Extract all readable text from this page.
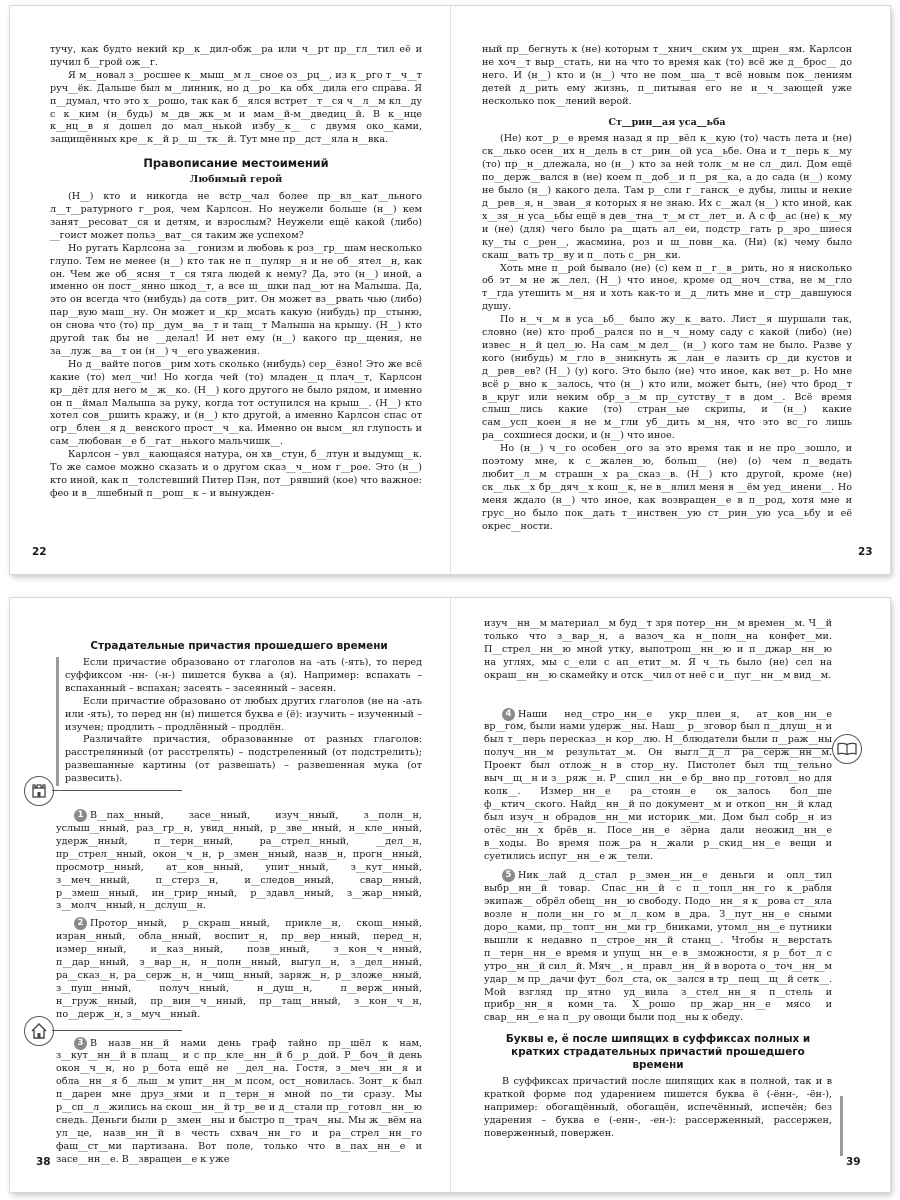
тучу, как будто некий кр__к__дил-обж__ра или ч__рт пр__гл__тил её и пучил б__грой ож__г.

Я м__новал з__росшее к__мыш__м л__сное оз__рц__, из к__рго т__ч__т руч__ёк. Дальше был м__линник, но д__ро__ка обх__дила его справа. Я п__думал, что это х__рошо, так как б__ялся встрет__т__ся ч__л__м кл__ду с к__ким (н__будь) м__дв__жк__м и мам__й-м__дведиц__й. В к__нце к__нц__в я дошел до мал__нькой избу__к__ с двумя око__ками, защищённых кре__к__й р__ш__тк__й. Тут мне пр__дст__яла н__вка.

Правописание местоимений
Любимый герой

(Н__) кто и никогда не встр__чал более пр__вл__кат__льного л__т__ратурного г__роя, чем Карлсон. Но неужели больше (н__) кем занят__ресоват__ся и детям, и взрослым? Неужели ещё какой (либо) __гоист может польз__ват__ся таким же успехом?

Но ругать Карлсона за __гонизм и любовь к роз__гр__шам несколько глупо. Тем не менее (н__) кто так не п__пуляр__н и не об__ятел__н, как он. Чем же об__ясня__т__ся тяга людей к нему? Да, это (н__) иной, а именно он пост__янно шкод__т, а все ш__шки пад__ют на Малыша. Да, это он всегда что (нибудь) да сотв__рит. Он может вз__рвать чью (либо) пар__вую маш__ну. Он может и__кр__мсать какую (нибудь) пр__стыню, он снова что (то) пр__дум__ва__т и тащ__т Малыша на крышу. (Н__) кто другой так бы не __делал! И нет ему (н__) какого пр__щения, не за__луж__ва__т он (н__) ч__его уважения.

Но д__вайте погов__рим хоть сколько (нибудь) сер__ёзно! Это же всё какие (то) мел__чи! Но когда чей (то) младен__ц плач__т, Карлсон кр__дёт для него м__ж__ко. (Н__) кого другого не было рядом, и именно он п__ймал Малыша за руку, когда тот оступился на крыш__. (Н__) кто хотел сов__ршить кражу, и (н__) кто другой, а именно Карлсон спас от огр__блен__я д__венского прост__ч__ка. Именно он высм__ял глупость и сам__любован__е б__гат__нького мальчишк__.

Карлсон – увл__кающаяся натура, он хв__стун, б__лтун и выдумщ__к. То же самое можно сказать и о другом сказ__ч__ном г__рое. Это (н__) кто иной, как п__толстевший Питер Пэн, пот__рявший (кое) что важное: фео и в__лшебный п__рош__к – и вынужден-

22

ный пр__бегнуть к (не) которым т__хнич__ским ух__щрен__ям. Карлсон не хоч__т выр__стать, ни на что то время как (то) всё же д__брос__ до него. И (н__) кто и (н__) что не пом__ша__т всё новым пок__лениям детей д__рить ему жизнь, п__питывая его не и__ч__зающей уже несколько пок__лений верой.

Ст__рин__ая уса__ьба

(Не) кот__р__е время назад я пр__вёл к__кую (то) часть лета и (не) ск__лько осен__их н__дель в ст__рин__ой уса__ьбе. Она и т__перь к__му (то) пр__н__длежала, но (н__) кто за ней толк__м не сл__дил. Дом ещё по__держ__вался в (не) коем п__доб__и п__ря__ка, а до сада (н__) кому не было (н__) какого дела. Там р__сли г__ганск__е дубы, липы и некие д__рев__я, н__зван__я которых я не знаю. Их с__жал (н__) кто иной, как х__зя__н уса__ьбы ещё в дев__тна__т__м ст__лет__и. А с ф__ас (не) к__му и (не) (для) чего было ра__щать ал__еи, подстр__гать р__зро__шиеся ку__ты с__рен__, жасмина, роз и ш__повн__ка. (Ни) (к) чему было скаш__вать тр__ву и п__лоть с__рн__ки.

Хоть мне п__рой бывало (не) (с) кем п__г__в__рить, но я нисколько об эт__м не ж__лел. (Н__) что иное, кроме од__ноч__ства, не м__гло т__гда утешить м__ня и хоть как-то и__д__лить мне и__стр__давшуюся душу.

По н__ч__м в уса__ьб__ было жу__к__вато. Лист__я шуршали так, словно (не) кто проб__рался по н__ч__ному саду с какой (либо) (не) извес__н__й цел__ю. На сам__м дел__ (н__) кого там не было. Разве у кого (нибудь) м__гло в__зникнуть ж__лан__е лазить ср__ди кустов и д__рев__ев? (Н__) (у) кого. Это было (не) что иное, как вет__р. Но мне всё р__вно к__залось, что (н__) кто или, может быть, (не) что брод__т в__круг или неким обр__з__м пр__сутству__т в дом__. Всё время слыш__лись какие (то) стран__ые скрипы, и (н__) какие сам__усп__коен__я не м__гли уб__дить м__ня, что это вс__го лишь ра__сохшиеся доски, и (н__) что иное.

Но (н__) ч__го особен__ого за это время так и не про__зошло, и поэтому мне, к с__жален__ю, больш__ (не) (о) чем п__ведать любит__л__м страшн__х ра__сказ__в. (Н__) кто другой, кроме (не) ск__льк__х бр__дяч__х кош__к, не в__ялил меня в __ём уед__инени__. Но меня ждало (н__) что иное, как возвращен__е в п__род, хотя мне и грус__но было пок__дать т__инствен__ую ст__рин__ую уса__ьбу и её окрес__ности.

23
Страдательные причастия прошедшего времени

Если причастие образовано от глаголов на -ать (-ять), то перед суффиксом -нн- (-н-) пишется буква а (я). Например: вспахать – вспаханный – вспахан; засеять – засеянный – засеян.

Если причастие образовано от любых других глаголов (не на -ать или -ять), то перед нн (н) пишется буква е (ё): изучить – изученный – изучен; продлить – продлённый – продлён.

Различайте причастия, образованные от разных глаголов: расстрелянный (от расстрелять) – подстреленный (от подстрелить); развешанные картины (от развешать) – развешенная мука (от развесить).

1 В__пах__нный, засе__нный, изуч__нный, з__полн__н, услыш__нный, раз__гр__н, увид__нный, р__зве__нный, н__кле__нный, удерж__нный, п__терн__нный, ра__стрел__нный, __дел__н, пр__стрел__нный, окон__ч__н, р__змен__нный, назв__н, прогн__нный, просмотр__нный, ат__ков__нный, упит__нный, з__кут__нный, з__меч__нный, п__стерз__н, и__следов__нный, свар__нный, р__змеш__нный, ин__грир__нный, р__здавл__нный, з__жар__нный, з__молч__нный, н__дслуш__н.

2 Протор__нный, р__скраш__нный, прикле__н, скош__нный, изран__нный, обла__нный, воспит__н, пр__вер__нный, перед__н, измер__нный, и__каз__нный, позв__нный, з__кон__ч__нный, п__дар__нный, з__вар__н, н__полн__нный, выгул__н, з__дел__нный, ра__сказ__н, ра__серж__н, н__чищ__нный, заряж__н, р__зложе__нный, з__пуш__нный, получ__нный, н__душ__н, п__верж__нный, н__груж__нный, пр__вин__ч__нный, пр__тащ__нный, з__кон__ч__н, по__держ__н, з__муч__нный.

3 В назв__нн__й нами день граф тайно пр__шёл к нам, з__кут__нн__й в плащ__ и с пр__кле__нн__й б__р__дой. Р__боч__й день окон__ч__н, но р__бота ещё не __дел__на. Гостя, з__меч__нн__я и обла__нн__я б__льш__м упит__нн__м псом, ост__новилась. Зонт__к был п__дарен мне друз__ями и п__терн__н мной по__ти сразу. Мы р__сп__л__жились на скош__нн__й тр__ве и д__стали пр__готовл__нн__ю снедь. Деньги были р__змен__ны и быстро п__трач__ны. Мы ж__вём на ул__це, назв__нн__й в честь схвач__нн__го и ра__стрел__нн__го фаш__ст__ми партизана. Вот поле, только что в__пах__нн__е и засе__нн__е. В__звращен__е к уже

38

изуч__нн__м материал__м буд__т зря потер__нн__м времен__м. Ч__й только что з__вар__н, а вазоч__ка н__полн__на конфет__ми. П__стрел__нн__ю мной утку, выпотрош__нн__ю и п__джар__нн__ю на углях, мы с__ели с ап__етит__м. Я ч__ть было (не) сел на окраш__нн__ю скамейку и отск__чил от неё с и__пуг__нн__м вид__м.

4 Наши нед__стро__нн__е укр__плен__я, ат__ков__нн__е вр__гом, были нами удерж__ны. Наш__ р__зговор был п__длуш__н и был т__перь пересказ__н кор__лю. Н__блюдатели были п__раж__ны получ__нн__м результат__м. Он выгл__д__л ра__серж__нн__м. Проект был отлож__н в стор__ну. Пистолет был тщ__тельно выч__щ__н и з__ряж__н. Р__спил__нн__е бр__вно пр__готовл__но для колк__. Измер__нн__е ра__стоян__е ок__залось бол__ше ф__ктич__ского. Найд__нн__й по документ__м и откоп__нн__й клад был изуч__н обрадов__нн__ми историк__ми. Дом был собр__н из отёс__нн__х брёв__н. Посе__нн__е зёрна дали неожид__нн__е в__ходы. Во время пож__ра н__жали р__скид__нн__е вещи и суетились испуг__нн__е ж__тели.

5 Ник__лай д__стал р__змен__нн__е деньги и опл__тил выбр__нн__й товар. Спас__нн__й с п__топл__нн__го к__рабля экипаж__ обрёл обещ__нн__ю свободу. Подо__нн__я к__рова ст__яла возле н__полн__нн__го м__л__ком в__дра. З__пут__нн__е сными доро__ками, пр__топт__нн__ми гр__бниками, утомл__нн__е путники вышли к недавно п__строе__нн__й станц__. Чтобы н__верстать п__терн__нн__е время и упущ__нн__е в__зможности, я р__бот__л с утро__нн__й сил__й. Мяч__, н__правл__нн__й в ворота о__точ__нн__м удар__м пр__дачи фут__бол__ста, ок__зался в тр__пещ__щ__й сетк__. Мой взгляд пр__ятно уд__вила з__стел__нн__я п__стель и прибр__нн__я комн__та. Х__рошо пр__жар__нн__е мясо и свар__нн__е на п__ру овощи были под__ны к обеду.

Буквы е, ё после шипящих в суффиксах полных и кратких страдательных причастий прошедшего времени

В суффиксах причастий после шипящих как в полной, так и в краткой форме под ударением пишется буква ё (-ённ-, -ён-), например: обогащённый, обогащён, испечённый, испечён; без ударения – буква е (-енн-, -ен-): рассерженный, рассержен, поверженный, повержен.

39
